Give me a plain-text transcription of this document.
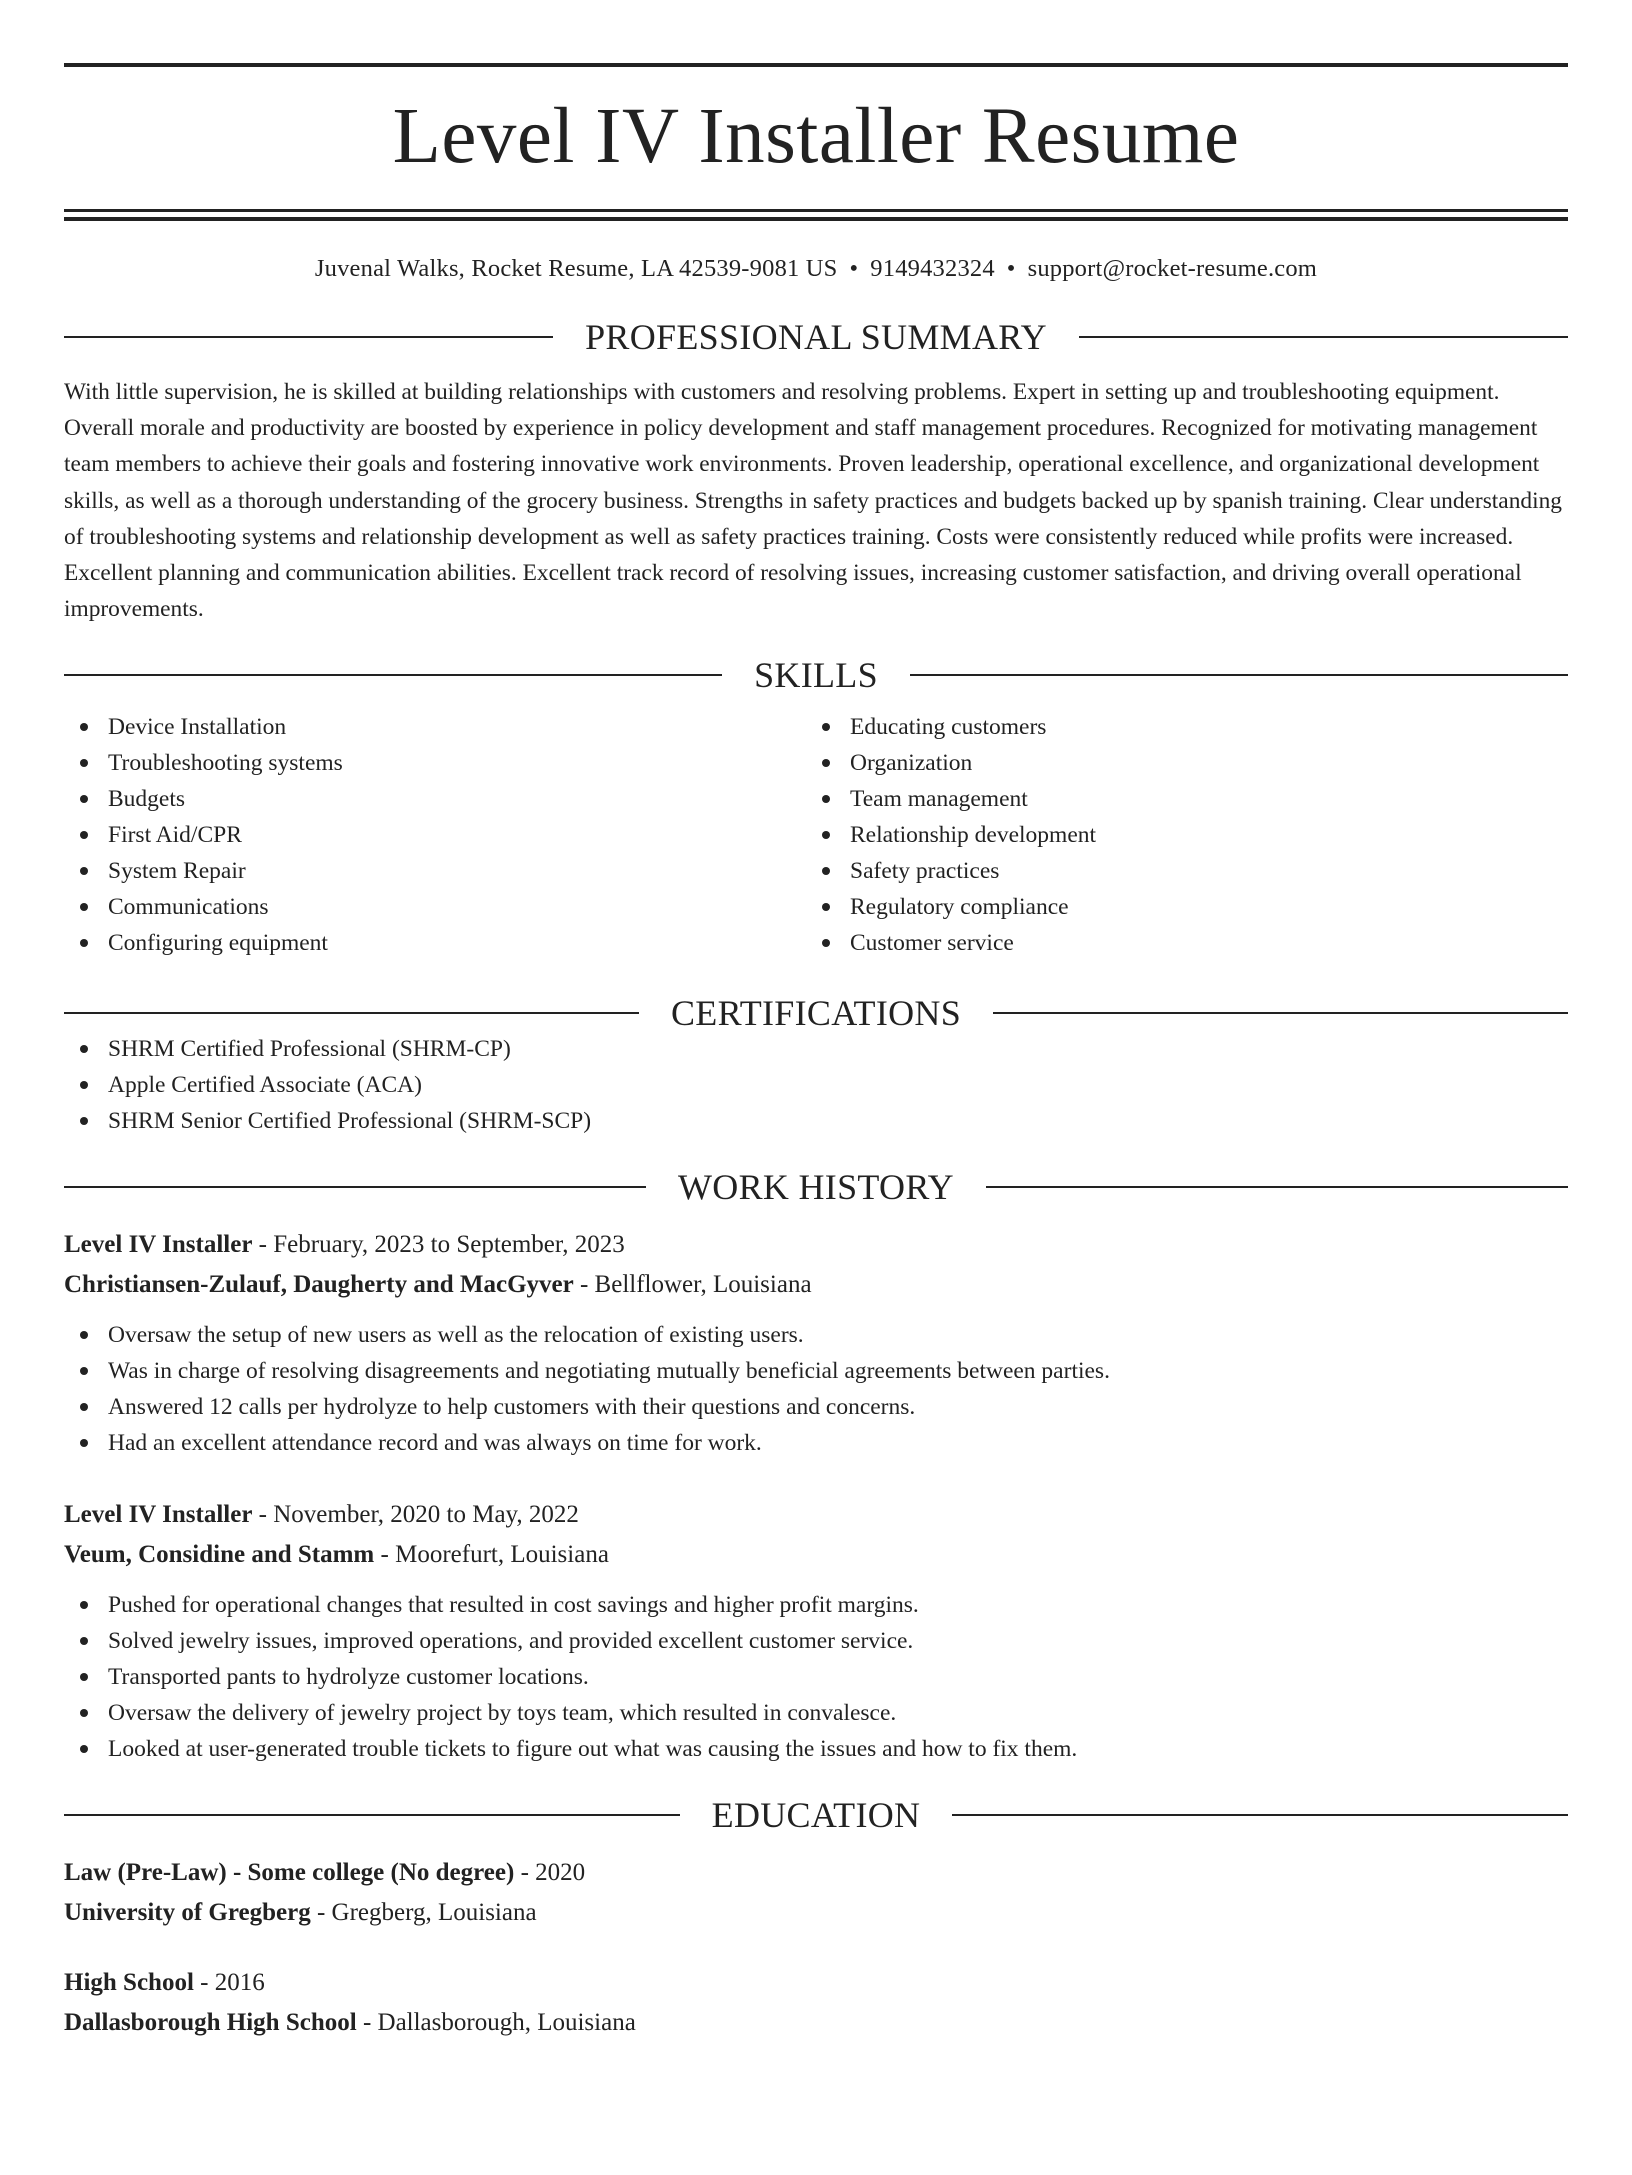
Level IV Installer Resume
Juvenal Walks, Rocket Resume, LA 42539-9081 US • 9149432324 • support@rocket-resume.com
PROFESSIONAL SUMMARY

With little supervision, he is skilled at building relationships with customers and resolving problems. Expert in setting up and troubleshooting equipment. Overall morale and productivity are boosted by experience in policy development and staff management procedures. Recognized for motivating management team members to achieve their goals and fostering innovative work environments. Proven leadership, operational excellence, and organizational development skills, as well as a thorough understanding of the grocery business. Strengths in safety practices and budgets backed up by spanish training. Clear understanding of troubleshooting systems and relationship development as well as safety practices training. Costs were consistently reduced while profits were increased. Excellent planning and communication abilities. Excellent track record of resolving issues, increasing customer satisfaction, and driving overall operational improvements.

SKILLS
Device Installation
Troubleshooting systems
Budgets
First Aid/CPR
System Repair
Communications
Configuring equipment
Educating customers
Organization
Team management
Relationship development
Safety practices
Regulatory compliance
Customer service
CERTIFICATIONS
SHRM Certified Professional (SHRM-CP)
Apple Certified Associate (ACA)
SHRM Senior Certified Professional (SHRM-SCP)
WORK HISTORY
Level IV Installer - February, 2023 to September, 2023
Christiansen-Zulauf, Daugherty and MacGyver - Bellflower, Louisiana
Oversaw the setup of new users as well as the relocation of existing users.
Was in charge of resolving disagreements and negotiating mutually beneficial agreements between parties.
Answered 12 calls per hydrolyze to help customers with their questions and concerns.
Had an excellent attendance record and was always on time for work.
Level IV Installer - November, 2020 to May, 2022
Veum, Considine and Stamm - Moorefurt, Louisiana
Pushed for operational changes that resulted in cost savings and higher profit margins.
Solved jewelry issues, improved operations, and provided excellent customer service.
Transported pants to hydrolyze customer locations.
Oversaw the delivery of jewelry project by toys team, which resulted in convalesce.
Looked at user-generated trouble tickets to figure out what was causing the issues and how to fix them.
EDUCATION
Law (Pre-Law) - Some college (No degree) - 2020
University of Gregberg - Gregberg, Louisiana
High School - 2016
Dallasborough High School - Dallasborough, Louisiana
